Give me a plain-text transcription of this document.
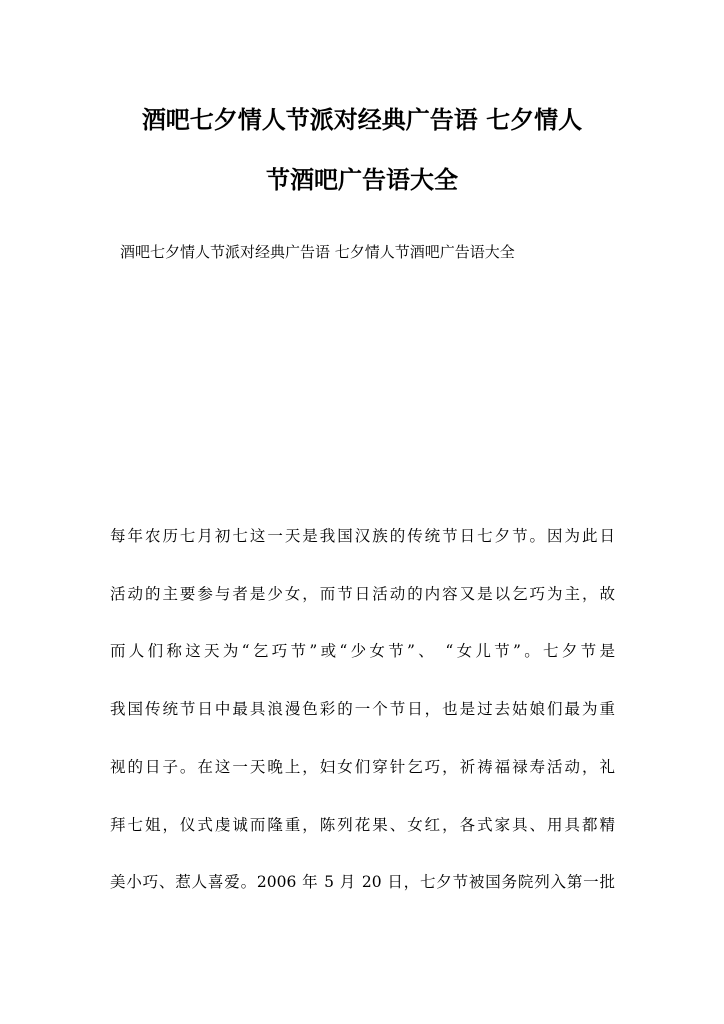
酒吧七夕情人节派对经典广告语 七夕情人
节酒吧广告语大全
酒吧七夕情人节派对经典广告语 七夕情人节酒吧广告语大全
每年农历七月初七这一天是我国汉族的传统节日七夕节。因为此日
活动的主要参与者是少女，而节日活动的内容又是以乞巧为主，故
而人们称这天为“乞巧节”或“少女节”、 “女儿节”。七夕节是
我国传统节日中最具浪漫色彩的一个节日，也是过去姑娘们最为重
视的日子。在这一天晚上，妇女们穿针乞巧，祈祷福禄寿活动，礼
拜七姐，仪式虔诚而隆重，陈列花果、女红，各式家具、用具都精
美小巧、惹人喜爱。2006 年 5 月 20 日，七夕节被国务院列入第一批
